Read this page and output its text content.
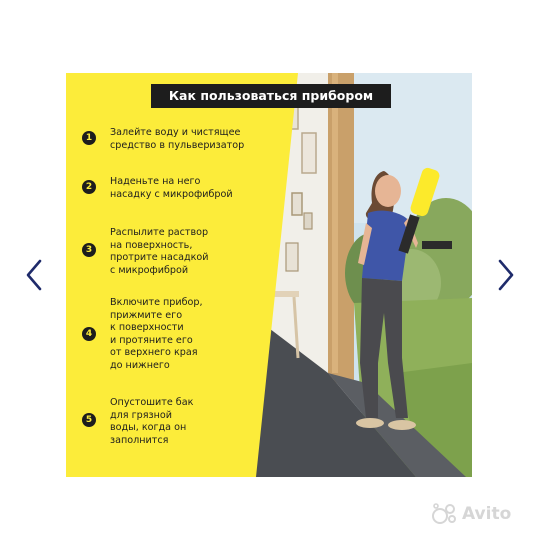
Как пользоваться прибором
1	Залейте воду и чистящее
средство в пульверизатор
2	Наденьте на него
насадку с микрофиброй
3
Распылите раствор
на поверхность,
протрите насадкой
с микрофиброй
4
Включите прибор,
прижмите его
к поверхности
и протяните его
от верхнего края
до нижнего
5
Опустошите бак
для грязной
воды, когда он
заполнится
Avito
